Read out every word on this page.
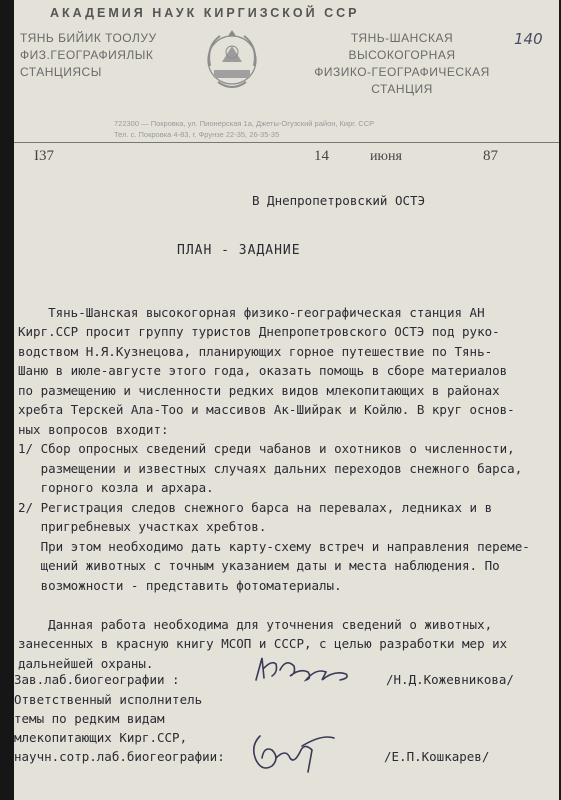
АКАДЕМИЯ НАУК КИРГИЗСКОЙ ССР
ТЯНЬ БИЙИК ТООЛУУ
ФИЗ.ГЕОГРАФИЯЛЫК
СТАНЦИЯСЫ
ТЯНЬ-ШАНСКАЯ
ВЫСОКОГОРНАЯ
ФИЗИКО-ГЕОГРАФИЧЕСКАЯ
СТАНЦИЯ
140
722300 — Покровка, ул. Пионерская 1а, Джеты-Огузский район, Кирг. ССР
Тел. с. Покровка 4-83, г. Фрунзе 22-35, 26-35-35
I37	14	июня	87
В Днепропетровский ОСТЭ
ПЛАН - ЗАДАНИЕ

Тянь-Шанская высокогорная физико-географическая станция АН
Кирг.ССР просит группу туристов Днепропетровского ОСТЭ под руко-
водством Н.Я.Кузнецова, планирующих горное путешествие по Тянь-
Шаню в июле-августе этого года, оказать помощь в сборе материалов
по размещению и численности редких видов млекопитающих в районах
хребта Терскей Ала-Тоо и массивов Ак-Шийрак и Койлю. В круг основ-
ных вопросов входит:
1/ Сбор опросных сведений среди чабанов и охотников о численности,
размещении и известных случаях дальних переходов снежного барса,
горного козла и архара.
2/ Регистрация следов снежного барса на перевалах, ледниках и в
пригребневых участках хребтов.
При этом необходимо дать карту-схему встреч и направления переме-
щений животных с точным указанием даты и места наблюдения. По
возможности - представить фотоматериалы.
Данная работа необходима для уточнения сведений о животных,
занесенных в красную книгу МСОП и СССР, с целью разработки мер их
дальнейшей охраны.

Зав.лаб.биогеографии :	/Н.Д.Кожевникова/
Ответственный исполнитель
темы по редким видам
млекопитающих Кирг.ССР,
научн.сотр.лаб.биогеографии:	/Е.П.Кошкарев/
